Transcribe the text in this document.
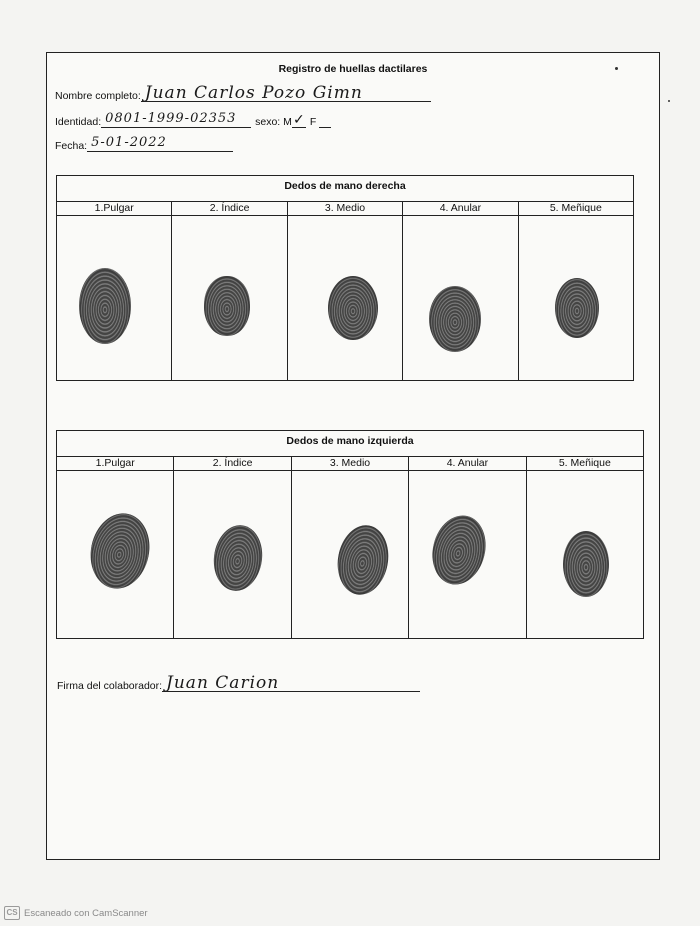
Registro de huellas dactilares
Nombre completo: Juan Carlos Pozo Gimn
Identidad: 0801-1999-02353	sexo: M ✓ F
Fecha: 5-01-2022
Dedos de mano derecha
1.Pulgar	2. Índice	3. Medio	4. Anular	5. Meñique
Dedos de mano izquierda
1.Pulgar	2. Índice	3. Medio	4. Anular	5. Meñique
Firma del colaborador: Juan Carion
CS Escaneado con CamScanner
